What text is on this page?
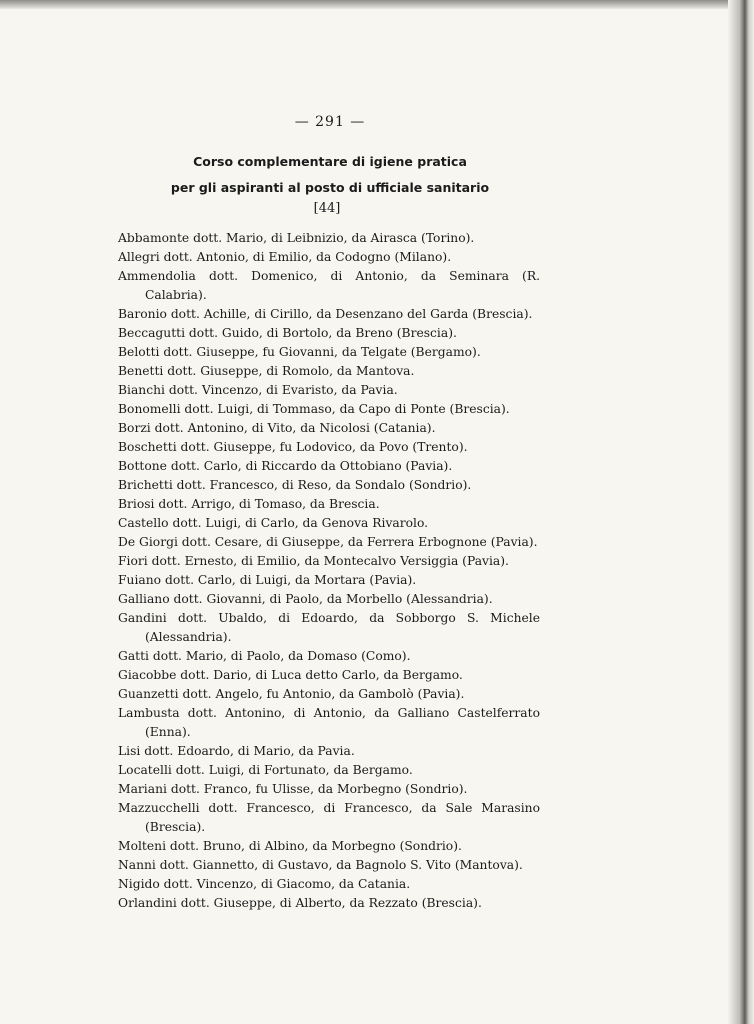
— 291 —
Corso complementare di igiene pratica
per gli aspiranti al posto di ufficiale sanitario
[44]
Abbamonte dott. Mario, di Leibnizio, da Airasca (Torino).
Allegri dott. Antonio, di Emilio, da Codogno (Milano).
Ammendolia dott. Domenico, di Antonio, da Seminara (R. Calabria).
Baronio dott. Achille, di Cirillo, da Desenzano del Garda (Brescia).
Beccagutti dott. Guido, di Bortolo, da Breno (Brescia).
Belotti dott. Giuseppe, fu Giovanni, da Telgate (Bergamo).
Benetti dott. Giuseppe, di Romolo, da Mantova.
Bianchi dott. Vincenzo, di Evaristo, da Pavia.
Bonomelli dott. Luigi, di Tommaso, da Capo di Ponte (Brescia).
Borzi dott. Antonino, di Vito, da Nicolosi (Catania).
Boschetti dott. Giuseppe, fu Lodovico, da Povo (Trento).
Bottone dott. Carlo, di Riccardo da Ottobiano (Pavia).
Brichetti dott. Francesco, di Reso, da Sondalo (Sondrio).
Briosi dott. Arrigo, di Tomaso, da Brescia.
Castello dott. Luigi, di Carlo, da Genova Rivarolo.
De Giorgi dott. Cesare, di Giuseppe, da Ferrera Erbognone (Pavia).
Fiori dott. Ernesto, di Emilio, da Montecalvo Versiggia (Pavia).
Fuiano dott. Carlo, di Luigi, da Mortara (Pavia).
Galliano dott. Giovanni, di Paolo, da Morbello (Alessandria).
Gandini dott. Ubaldo, di Edoardo, da Sobborgo S. Michele (Alessandria).
Gatti dott. Mario, di Paolo, da Domaso (Como).
Giacobbe dott. Dario, di Luca detto Carlo, da Bergamo.
Guanzetti dott. Angelo, fu Antonio, da Gambolò (Pavia).
Lambusta dott. Antonino, di Antonio, da Galliano Castelferrato (Enna).
Lisi dott. Edoardo, di Mario, da Pavia.
Locatelli dott. Luigi, di Fortunato, da Bergamo.
Mariani dott. Franco, fu Ulisse, da Morbegno (Sondrio).
Mazzucchelli dott. Francesco, di Francesco, da Sale Marasino (Brescia).
Molteni dott. Bruno, di Albino, da Morbegno (Sondrio).
Nanni dott. Giannetto, di Gustavo, da Bagnolo S. Vito (Mantova).
Nigido dott. Vincenzo, di Giacomo, da Catania.
Orlandini dott. Giuseppe, di Alberto, da Rezzato (Brescia).
